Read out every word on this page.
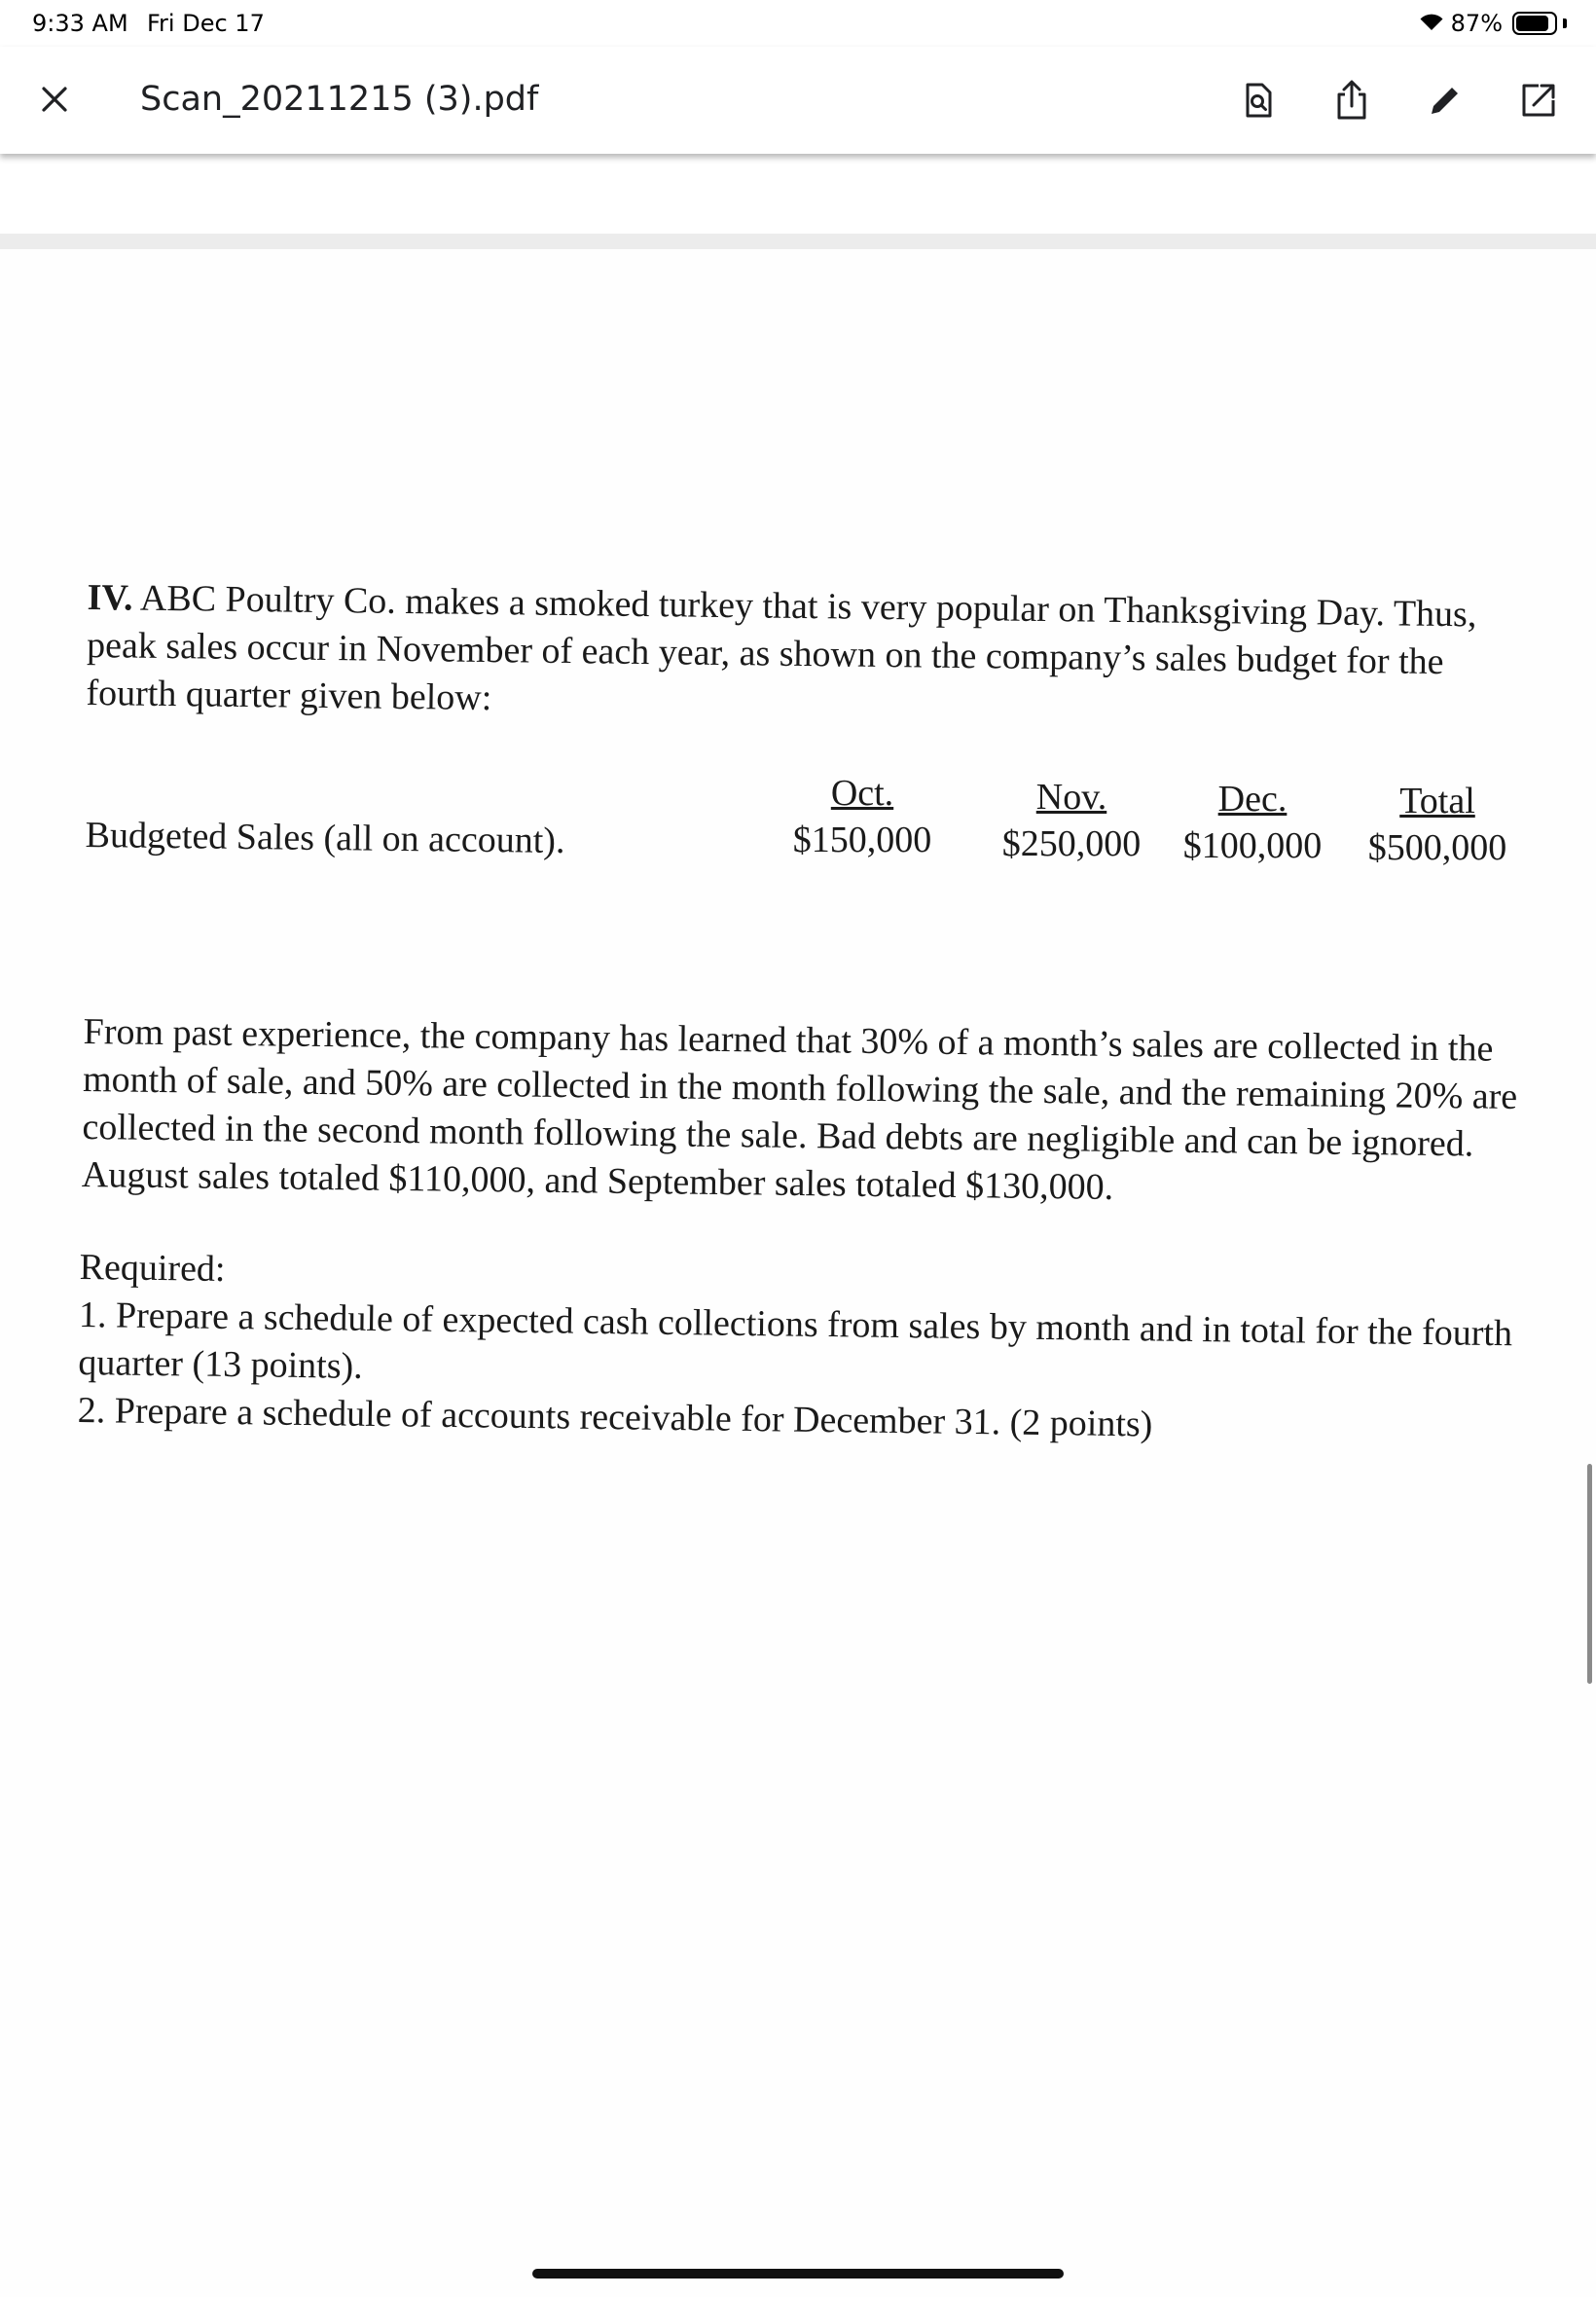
9:33 AM Fri Dec 17	87%
Scan_20211215 (3).pdf
IV. ABC Poultry Co. makes a smoked turkey that is very popular on Thanksgiving Day. Thus,
peak sales occur in November of each year, as shown on the company’s sales budget for the
fourth quarter given below:
Budgeted Sales (all on account).
Oct.
$150,000
Nov.
$250,000
Dec.
$100,000
Total
$500,000
From past experience, the company has learned that 30% of a month’s sales are collected in the
month of sale, and 50% are collected in the month following the sale, and the remaining 20% are
collected in the second month following the sale. Bad debts are negligible and can be ignored.
August sales totaled $110,000, and September sales totaled $130,000.
Required:
1. Prepare a schedule of expected cash collections from sales by month and in total for the fourth
quarter (13 points).
2. Prepare a schedule of accounts receivable for December 31. (2 points)
